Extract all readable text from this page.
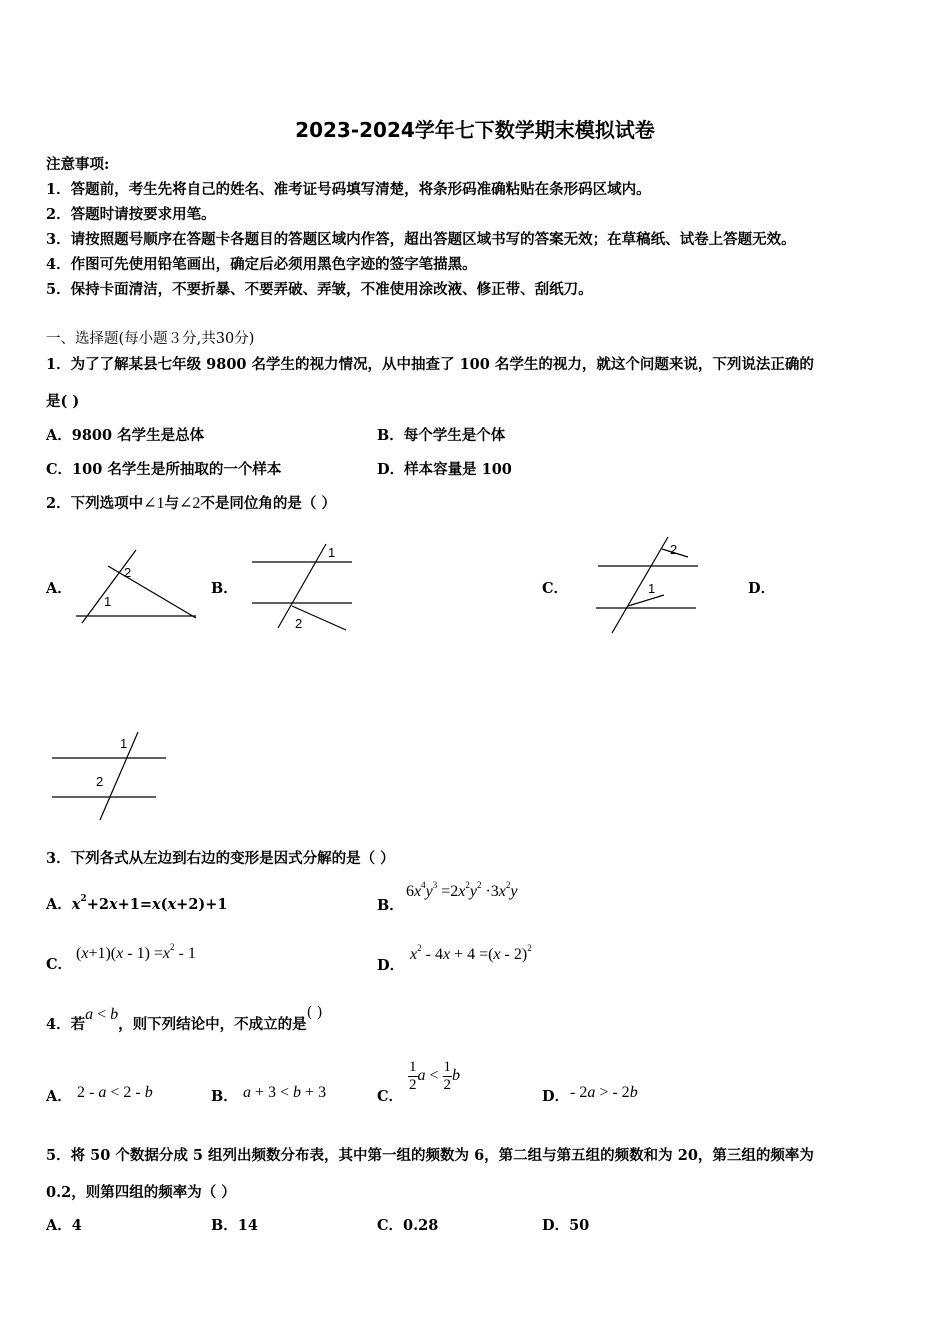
2023-2024学年七下数学期末模拟试卷
注意事项:
1．答题前，考生先将自己的姓名、准考证号码填写清楚，将条形码准确粘贴在条形码区域内。
2．答题时请按要求用笔。
3．请按照题号顺序在答题卡各题目的答题区域内作答，超出答题区域书写的答案无效；在草稿纸、试卷上答题无效。
4．作图可先使用铅笔画出，确定后必须用黑色字迹的签字笔描黑。
5．保持卡面清洁，不要折暴、不要弄破、弄皱，不准使用涂改液、修正带、刮纸刀。
一、选择题(每小题３分,共30分)
1．为了了解某县七年级 9800 名学生的视力情况，从中抽查了 100 名学生的视力，就这个问题来说，下列说法正确的
是( )
A．9800 名学生是总体	B．每个学生是个体
C．100 名学生是所抽取的一个样本	D．样本容量是 100
2．下列选项中∠1与∠2不是同位角的是（ ）
A．
2
1
B．
1
2
C．
2
1	D．
1
2
3．下列各式从左边到右边的变形是因式分解的是（ ）
A．$x^2+2x+1=x(x+2)+1$	B．
$6x^4y^3 =2x^2y^2 \cdot 3x^2y$
C．
$(x+1)(x - 1) =x^2 - 1$
D．
$x^2 - 4x + 4 =(x - 2)^2$
4．若a < b，则下列结论中，不成立的是( )
A． 2 - a < 2 - b	B． a + 3 < b + 3	C．
$\frac{1}{2}$ $a < \frac{1}{2}$ b
D． - 2a > - 2b
5．将 50 个数据分成 5 组列出频数分布表，其中第一组的频数为 6，第二组与第五组的频数和为 20，第三组的频率为
0.2，则第四组的频率为（ ）
A．4	B．14	C．0.28	D．50
